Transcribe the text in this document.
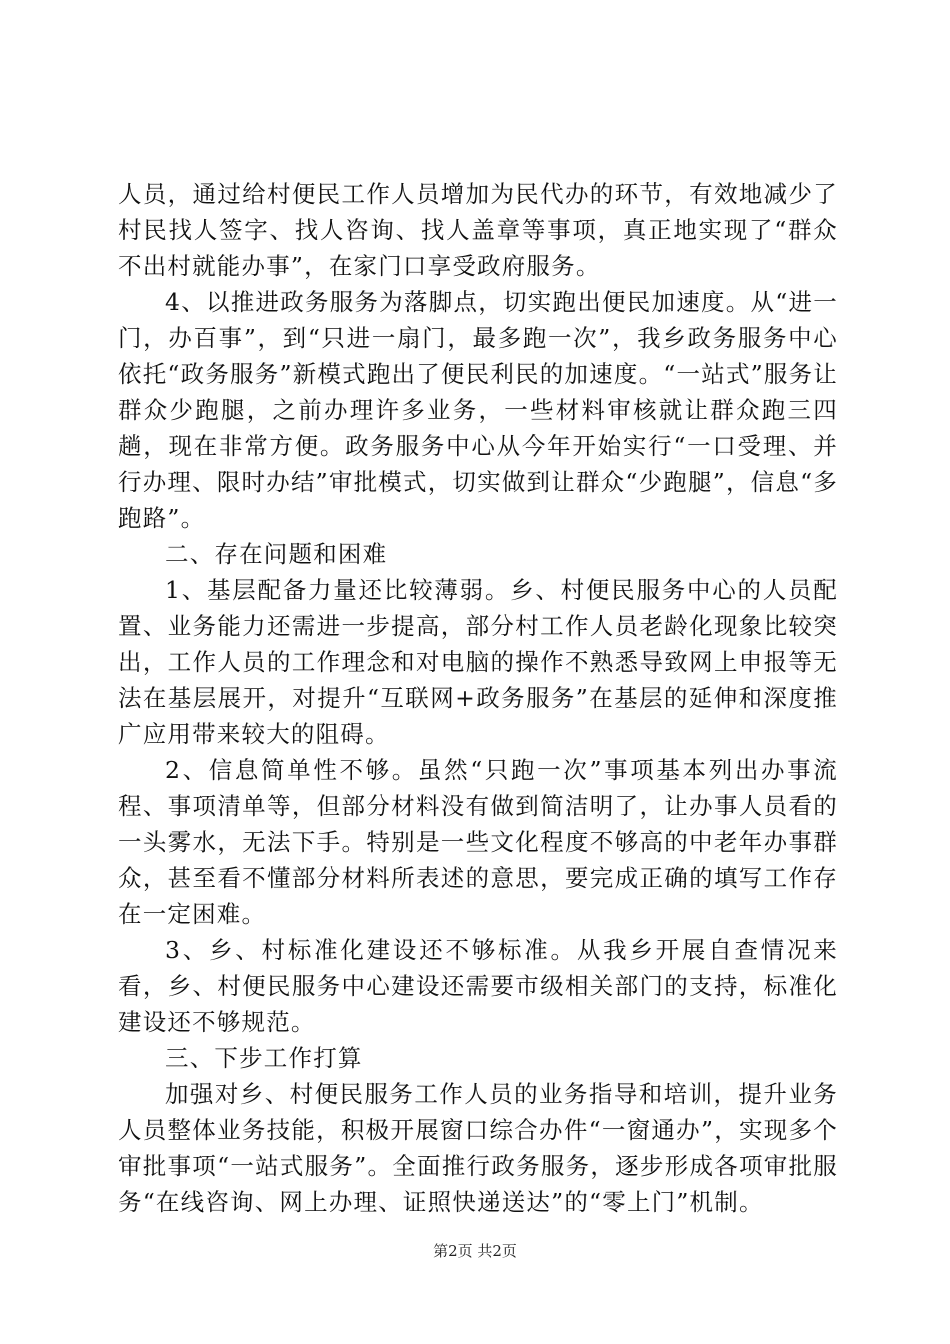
人员，通过给村便民工作人员增加为民代办的环节，有效地减少了村民找人签字、找人咨询、找人盖章等事项，真正地实现了“群众不出村就能办事”，在家门口享受政府服务。

4、以推进政务服务为落脚点，切实跑出便民加速度。从“进一门，办百事”，到“只进一扇门，最多跑一次”，我乡政务服务中心依托“政务服务”新模式跑出了便民利民的加速度。“一站式”服务让群众少跑腿，之前办理许多业务，一些材料审核就让群众跑三四趟，现在非常方便。政务服务中心从今年开始实行“一口受理、并行办理、限时办结”审批模式，切实做到让群众“少跑腿”，信息“多跑路”。

二、存在问题和困难

1、基层配备力量还比较薄弱。乡、村便民服务中心的人员配置、业务能力还需进一步提高，部分村工作人员老龄化现象比较突出，工作人员的工作理念和对电脑的操作不熟悉导致网上申报等无法在基层展开，对提升“互联网+政务服务”在基层的延伸和深度推广应用带来较大的阻碍。

2、信息简单性不够。虽然“只跑一次”事项基本列出办事流程、事项清单等，但部分材料没有做到简洁明了，让办事人员看的一头雾水，无法下手。特别是一些文化程度不够高的中老年办事群众，甚至看不懂部分材料所表述的意思，要完成正确的填写工作存在一定困难。

3、乡、村标准化建设还不够标准。从我乡开展自查情况来看，乡、村便民服务中心建设还需要市级相关部门的支持，标准化建设还不够规范。

三、下步工作打算

加强对乡、村便民服务工作人员的业务指导和培训，提升业务人员整体业务技能，积极开展窗口综合办件“一窗通办”，实现多个审批事项“一站式服务”。全面推行政务服务，逐步形成各项审批服务“在线咨询、网上办理、证照快递送达”的“零上门”机制。

第2页 共2页
